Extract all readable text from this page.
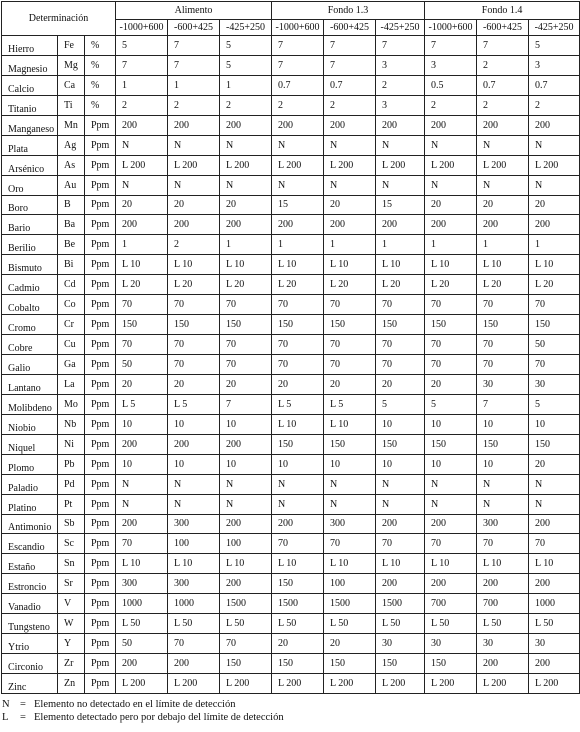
Determinación			Alimento			Fondo 1.3			Fondo 1.4		
			-1000+600	-600+425	-425+250	-1000+600	-600+425	-425+250	-1000+600	-600+425	-425+250
Hierro	Fe	%	5	7	5	7	7	7	7	7	5
Magnesio	Mg	%	7	7	5	7	7	3	3	2	3
Calcio	Ca	%	1	1	1	0.7	0.7	2	0.5	0.7	0.7
Titanio	Ti	%	2	2	2	2	2	3	2	2	2
Manganeso	Mn	Ppm	200	200	200	200	200	200	200	200	200
Plata	Ag	Ppm	N	N	N	N	N	N	N	N	N
Arsénico	As	Ppm	L 200	L 200	L 200	L 200	L 200	L 200	L 200	L 200	L 200
Oro	Au	Ppm	N	N	N	N	N	N	N	N	N
Boro	B	Ppm	20	20	20	15	20	15	20	20	20
Bario	Ba	Ppm	200	200	200	200	200	200	200	200	200
Berilio	Be	Ppm	1	2	1	1	1	1	1	1	1
Bismuto	Bi	Ppm	L 10	L 10	L 10	L 10	L 10	L 10	L 10	L 10	L 10
Cadmio	Cd	Ppm	L 20	L 20	L 20	L 20	L 20	L 20	L 20	L 20	L 20
Cobalto	Co	Ppm	70	70	70	70	70	70	70	70	70
Cromo	Cr	Ppm	150	150	150	150	150	150	150	150	150
Cobre	Cu	Ppm	70	70	70	70	70	70	70	70	50
Galio	Ga	Ppm	50	70	70	70	70	70	70	70	70
Lantano	La	Ppm	20	20	20	20	20	20	20	30	30
Molibdeno	Mo	Ppm	L 5	L 5	7	L 5	L 5	5	5	7	5
Niobio	Nb	Ppm	10	10	10	L 10	L 10	10	10	10	10
Niquel	Ni	Ppm	200	200	200	150	150	150	150	150	150
Plomo	Pb	Ppm	10	10	10	10	10	10	10	10	20
Paladio	Pd	Ppm	N	N	N	N	N	N	N	N	N
Platino	Pt	Ppm	N	N	N	N	N	N	N	N	N
Antimonio	Sb	Ppm	200	300	200	200	300	200	200	300	200
Escandio	Sc	Ppm	70	100	100	70	70	70	70	70	70
Estaño	Sn	Ppm	L 10	L 10	L 10	L 10	L 10	L 10	L 10	L 10	L 10
Estroncio	Sr	Ppm	300	300	200	150	100	200	200	200	200
Vanadio	V	Ppm	1000	1000	1500	1500	1500	1500	700	700	1000
Tungsteno	W	Ppm	L 50	L 50	L 50	L 50	L 50	L 50	L 50	L 50	L 50
Ytrio	Y	Ppm	50	70	70	20	20	30	30	30	30
Circonio	Zr	Ppm	200	200	150	150	150	150	150	200	200
Zinc	Zn	Ppm	L 200	L 200	L 200	L 200	L 200	L 200	L 200	L 200	L 200
N = Elemento no detectado en el límite de detección
L	= Elemento detectado pero por debajo del límite de detección
